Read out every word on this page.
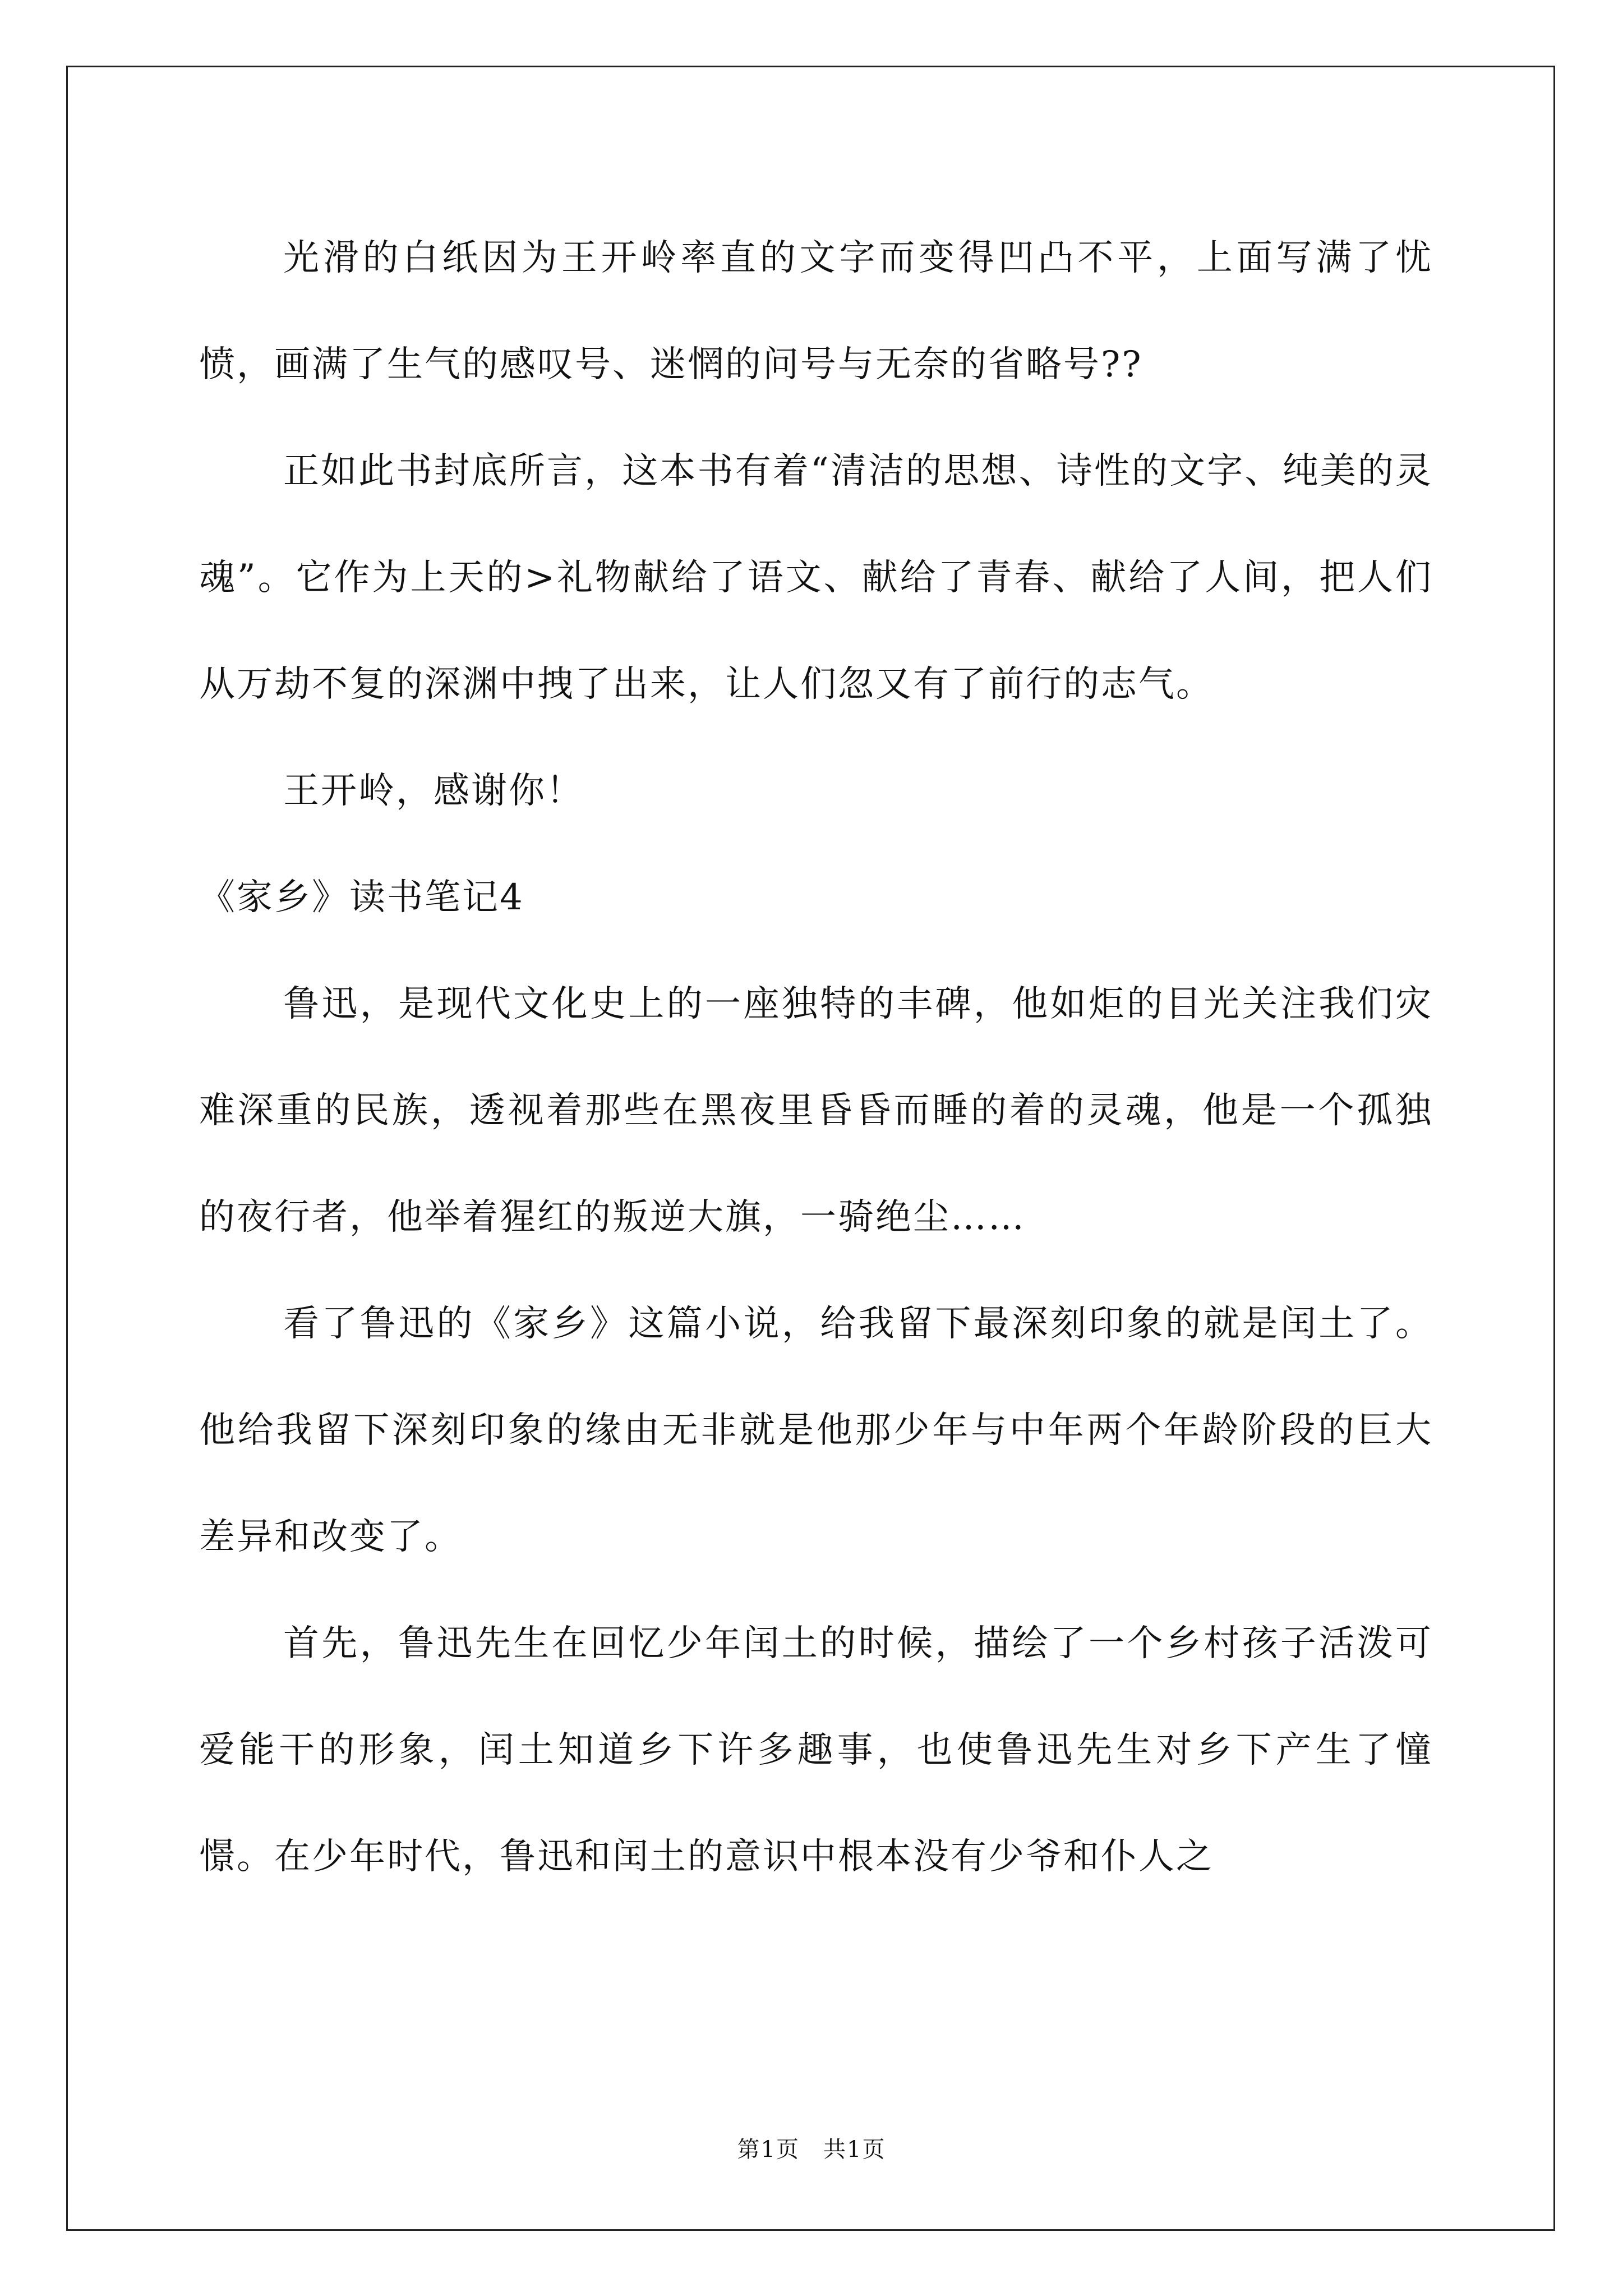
光滑的白纸因为王开岭率直的文字而变得凹凸不平，上面写满了忧愤，画满了生气的感叹号、迷惘的问号与无奈的省略号??

正如此书封底所言，这本书有着“清洁的思想、诗性的文字、纯美的灵魂”。它作为上天的>礼物献给了语文、献给了青春、献给了人间，把人们从万劫不复的深渊中拽了出来，让人们忽又有了前行的志气。

王开岭，感谢你！

《家乡》读书笔记4

鲁迅，是现代文化史上的一座独特的丰碑，他如炬的目光关注我们灾难深重的民族，透视着那些在黑夜里昏昏而睡的着的灵魂，他是一个孤独的夜行者，他举着猩红的叛逆大旗，一骑绝尘……

看了鲁迅的《家乡》这篇小说，给我留下最深刻印象的就是闰土了。他给我留下深刻印象的缘由无非就是他那少年与中年两个年龄阶段的巨大差异和改变了。

首先，鲁迅先生在回忆少年闰土的时候，描绘了一个乡村孩子活泼可爱能干的形象，闰土知道乡下许多趣事，也使鲁迅先生对乡下产生了憧憬。在少年时代，鲁迅和闰土的意识中根本没有少爷和仆人之

第1页　共1页
